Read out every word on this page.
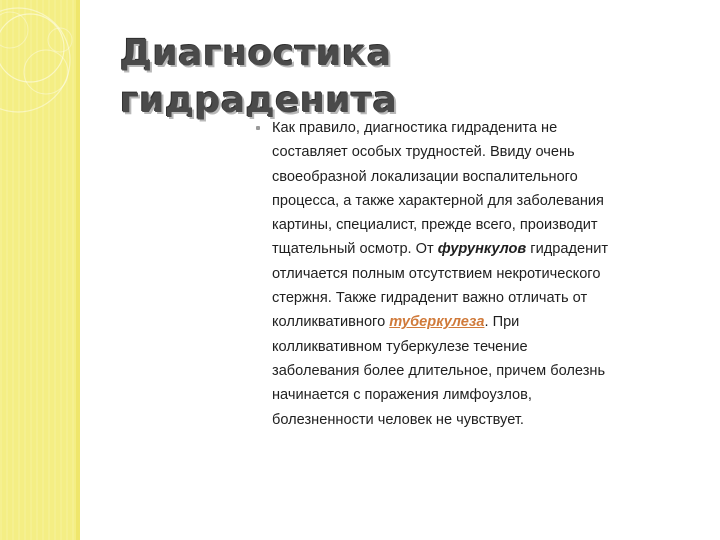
Диагностика
гидраденита

Как правило, диагностика гидраденита не
составляет особых трудностей. Ввиду очень
своеобразной локализации воспалительного
процесса, а также характерной для заболевания
картины, специалист, прежде всего, производит
тщательный осмотр. От фурункулов гидраденит
отличается полным отсутствием некротического
стержня. Также гидраденит важно отличать от
колликвативного туберкулеза. При
колликвативном туберкулезе течение
заболевания более длительное, причем болезнь
начинается с поражения лимфоузлов,
болезненности человек не чувствует.
